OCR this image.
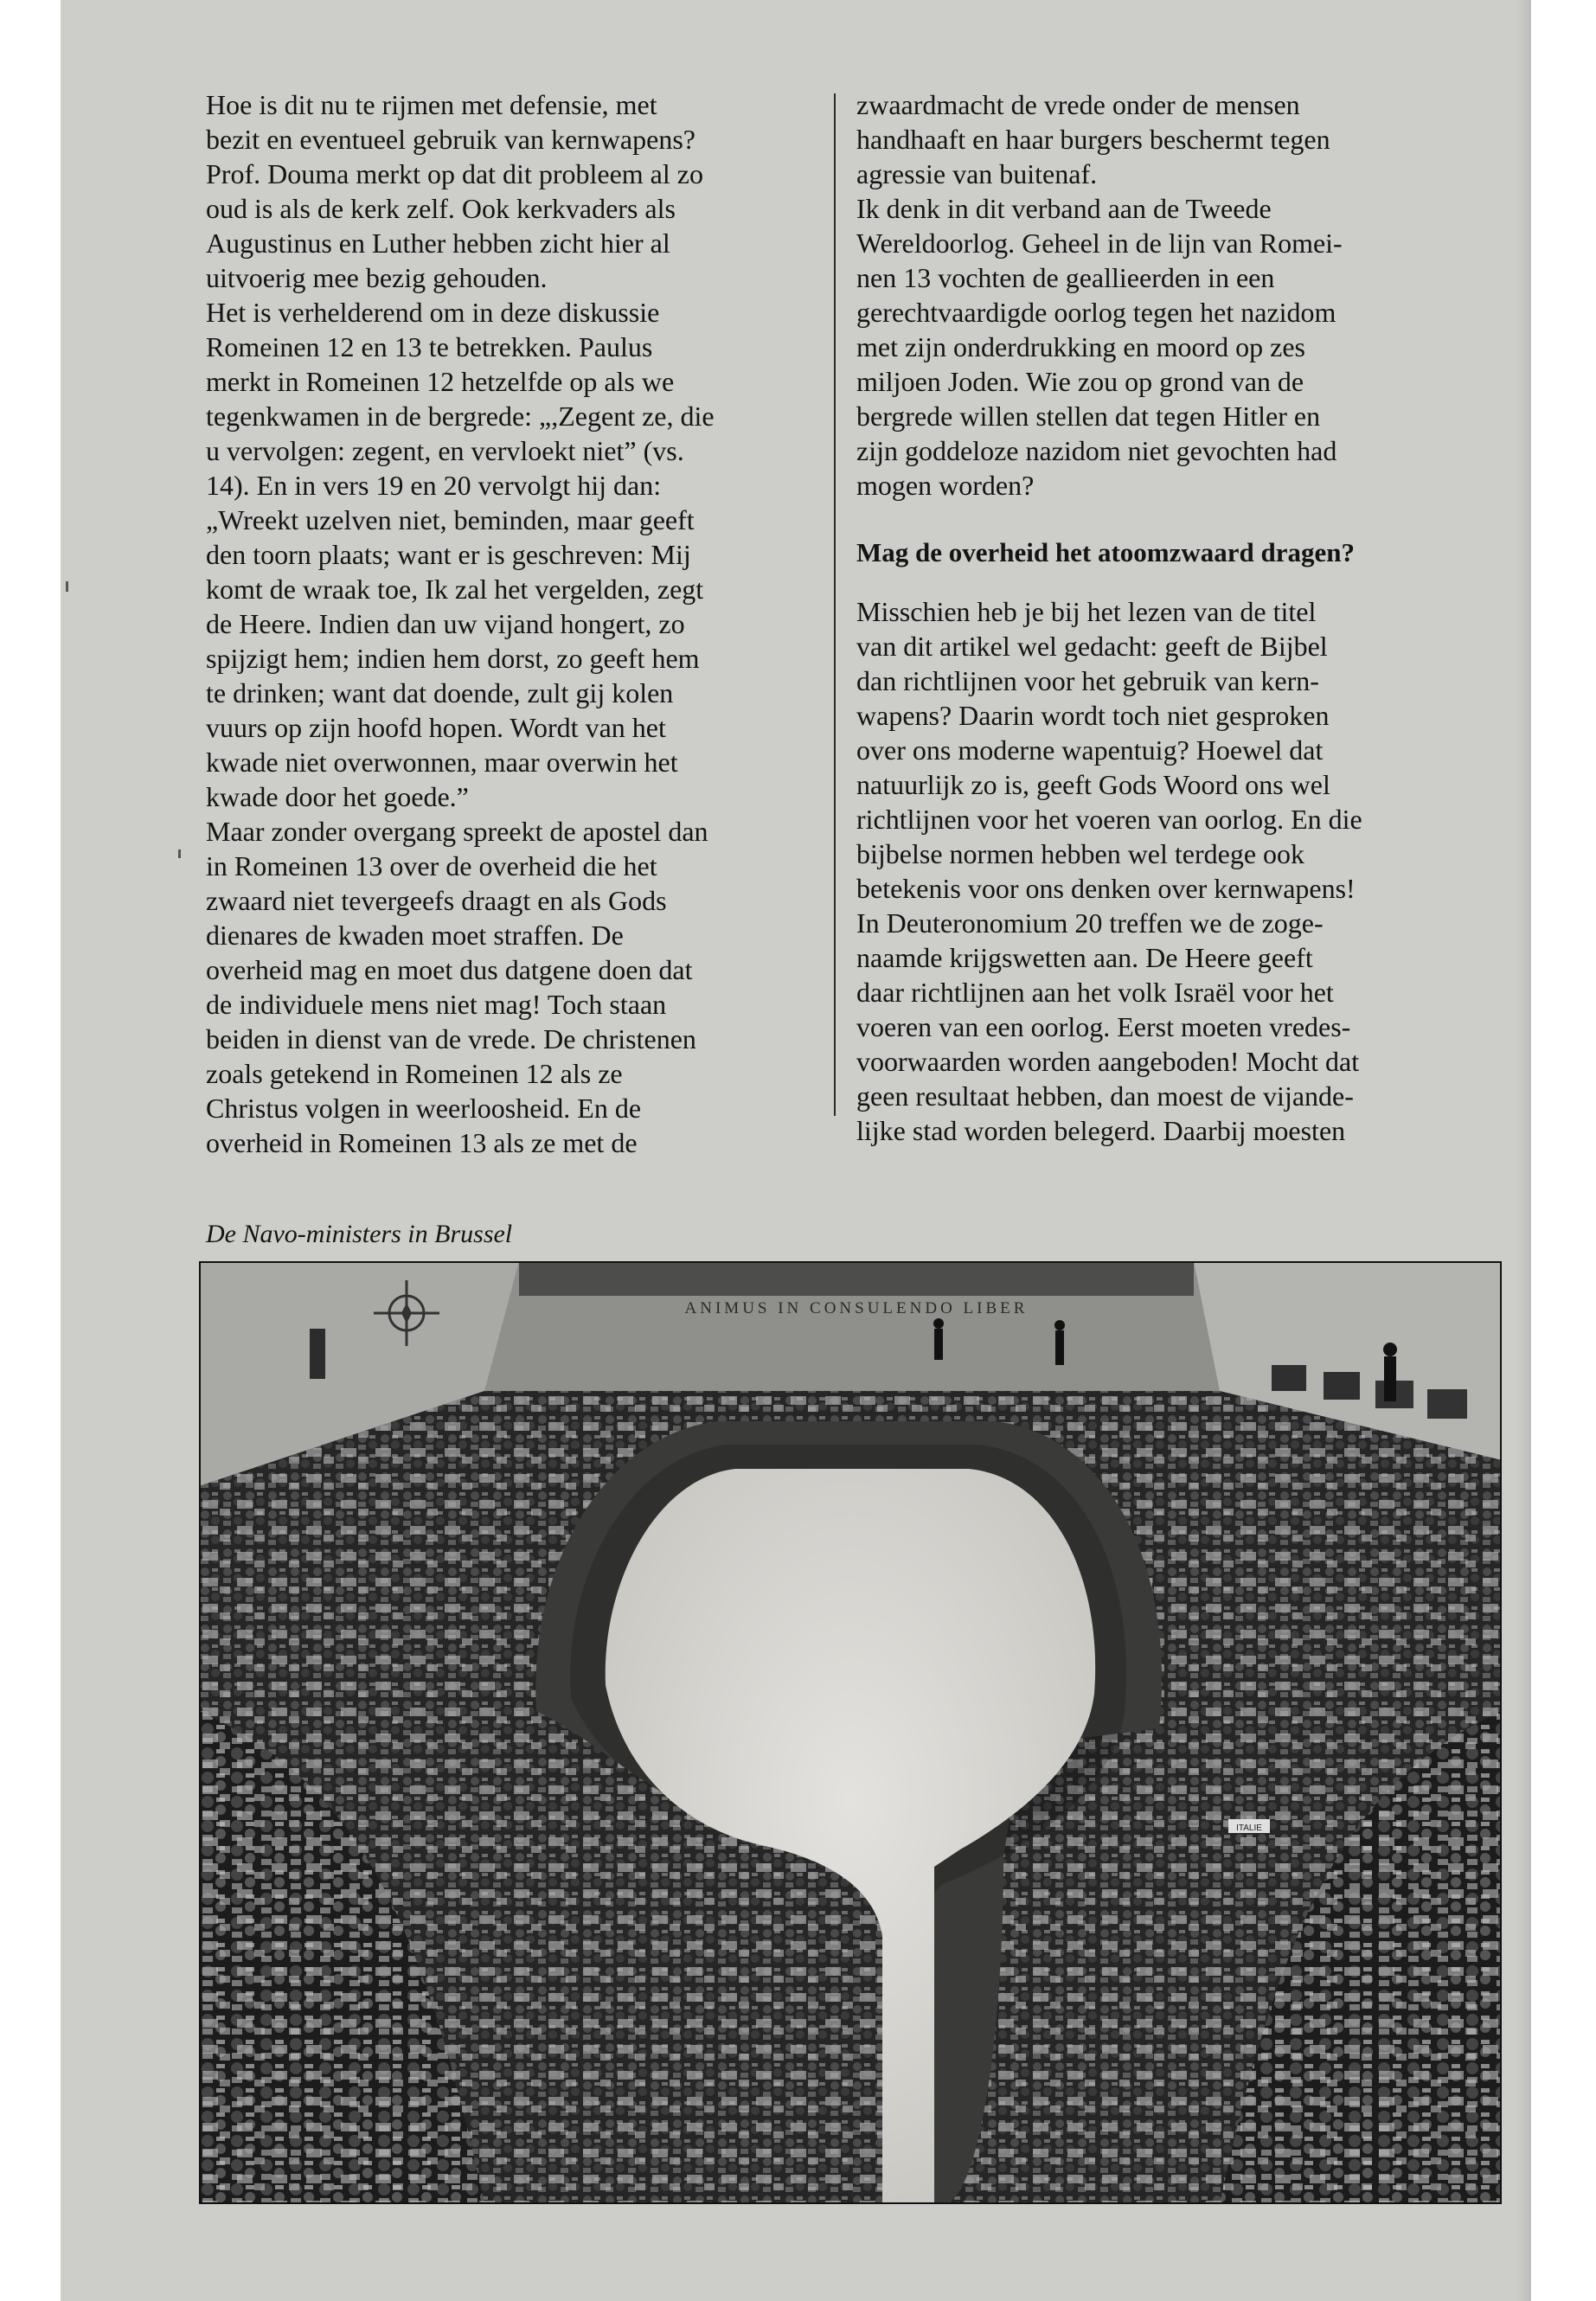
Hoe is dit nu te rijmen met defensie, met
bezit en eventueel gebruik van kernwapens?
Prof. Douma merkt op dat dit probleem al zo
oud is als de kerk zelf. Ook kerkvaders als
Augustinus en Luther hebben zicht hier al
uitvoerig mee bezig gehouden.
Het is verhelderend om in deze diskussie
Romeinen 12 en 13 te betrekken. Paulus
merkt in Romeinen 12 hetzelfde op als we
tegenkwamen in de bergrede: „,Zegent ze, die
u vervolgen: zegent, en vervloekt niet” (vs.
14). En in vers 19 en 20 vervolgt hij dan:
„Wreekt uzelven niet, beminden, maar geeft
den toorn plaats; want er is geschreven: Mij
komt de wraak toe, Ik zal het vergelden, zegt
de Heere. Indien dan uw vijand hongert, zo
spijzigt hem; indien hem dorst, zo geeft hem
te drinken; want dat doende, zult gij kolen
vuurs op zijn hoofd hopen. Wordt van het
kwade niet overwonnen, maar overwin het
kwade door het goede.”
Maar zonder overgang spreekt de apostel dan
in Romeinen 13 over de overheid die het
zwaard niet tevergeefs draagt en als Gods
dienares de kwaden moet straffen. De
overheid mag en moet dus datgene doen dat
de individuele mens niet mag! Toch staan
beiden in dienst van de vrede. De christenen
zoals getekend in Romeinen 12 als ze
Christus volgen in weerloosheid. En de
overheid in Romeinen 13 als ze met de
zwaardmacht de vrede onder de mensen
handhaaft en haar burgers beschermt tegen
agressie van buitenaf.
Ik denk in dit verband aan de Tweede
Wereldoorlog. Geheel in de lijn van Romei-
nen 13 vochten de geallieerden in een
gerechtvaardigde oorlog tegen het nazidom
met zijn onderdrukking en moord op zes
miljoen Joden. Wie zou op grond van de
bergrede willen stellen dat tegen Hitler en
zijn goddeloze nazidom niet gevochten had
mogen worden?
Mag de overheid het atoomzwaard dragen?
Misschien heb je bij het lezen van de titel
van dit artikel wel gedacht: geeft de Bijbel
dan richtlijnen voor het gebruik van kern-
wapens? Daarin wordt toch niet gesproken
over ons moderne wapentuig? Hoewel dat
natuurlijk zo is, geeft Gods Woord ons wel
richtlijnen voor het voeren van oorlog. En die
bijbelse normen hebben wel terdege ook
betekenis voor ons denken over kernwapens!
In Deuteronomium 20 treffen we de zoge-
naamde krijgswetten aan. De Heere geeft
daar richtlijnen aan het volk Israël voor het
voeren van een oorlog. Eerst moeten vredes-
voorwaarden worden aangeboden! Mocht dat
geen resultaat hebben, dan moest de vijande-
lijke stad worden belegerd. Daarbij moesten
De Navo-ministers in Brussel
ANIMUS IN CONSULENDO LIBER
ITALIE
